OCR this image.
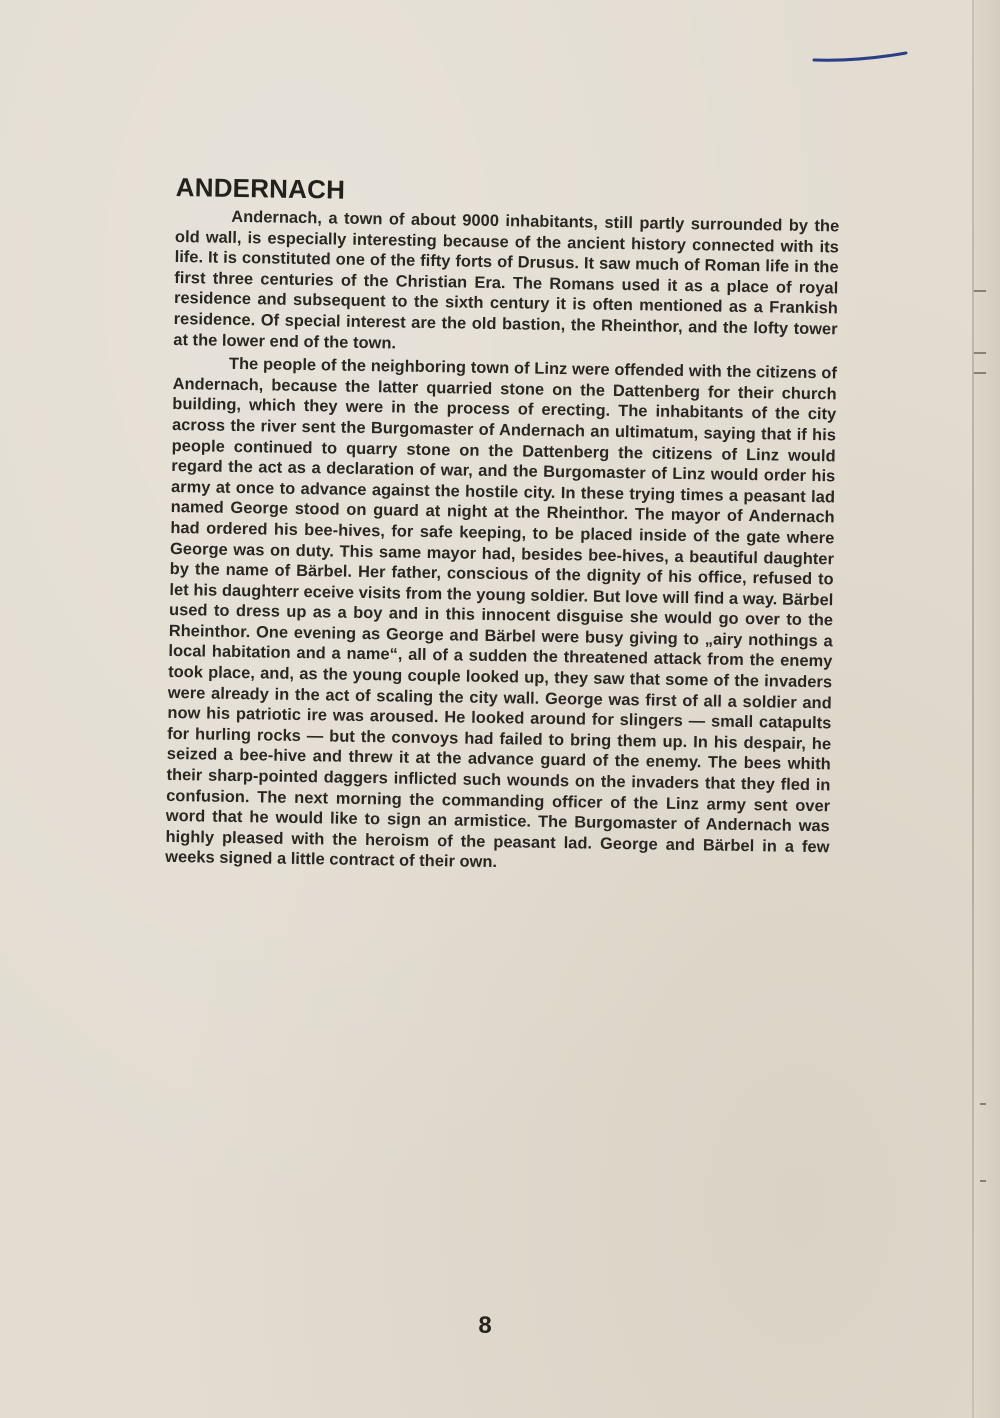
ANDERNACH

Andernach, a town of about 9000 inhabitants, still partly surrounded by the old wall, is especially interesting because of the ancient history connected with its life. It is constituted one of the fifty forts of Drusus. It saw much of Roman life in the first three centuries of the Christian Era. The Romans used it as a place of royal residence and subsequent to the sixth century it is often mentioned as a Frankish residence. Of special interest are the old bastion, the Rheinthor, and the lofty tower at the lower end of the town.

The people of the neighboring town of Linz were offended with the citizens of Andernach, because the latter quarried stone on the Dattenberg for their church building, which they were in the process of erecting. The inhabitants of the city across the river sent the Burgomaster of Andernach an ultimatum, saying that if his people continued to quarry stone on the Dattenberg the citizens of Linz would regard the act as a declaration of war, and the Burgomaster of Linz would order his army at once to advance against the hostile city. In these trying times a peasant lad named George stood on guard at night at the Rheinthor. The mayor of Andernach had ordered his bee-hives, for safe keeping, to be placed inside of the gate where George was on duty. This same mayor had, besides bee-hives, a beautiful daughter by the name of Bärbel. Her father, conscious of the dignity of his office, refused to let his daughterr eceive visits from the young soldier. But love will find a way. Bärbel used to dress up as a boy and in this innocent disguise she would go over to the Rheinthor. One evening as George and Bärbel were busy giving to „airy nothings a local habitation and a name“, all of a sudden the threatened attack from the enemy took place, and, as the young couple looked up, they saw that some of the invaders were already in the act of scaling the city wall. George was first of all a soldier and now his patriotic ire was aroused. He looked around for slingers — small catapults for hurling rocks — but the convoys had failed to bring them up. In his despair, he seized a bee-hive and threw it at the advance guard of the enemy. The bees whith their sharp-pointed daggers inflicted such wounds on the invaders that they fled in confusion. The next morning the commanding officer of the Linz army sent over word that he would like to sign an armistice. The Burgomaster of Andernach was highly pleased with the heroism of the peasant lad. George and Bärbel in a few weeks signed a little contract of their own.

8
